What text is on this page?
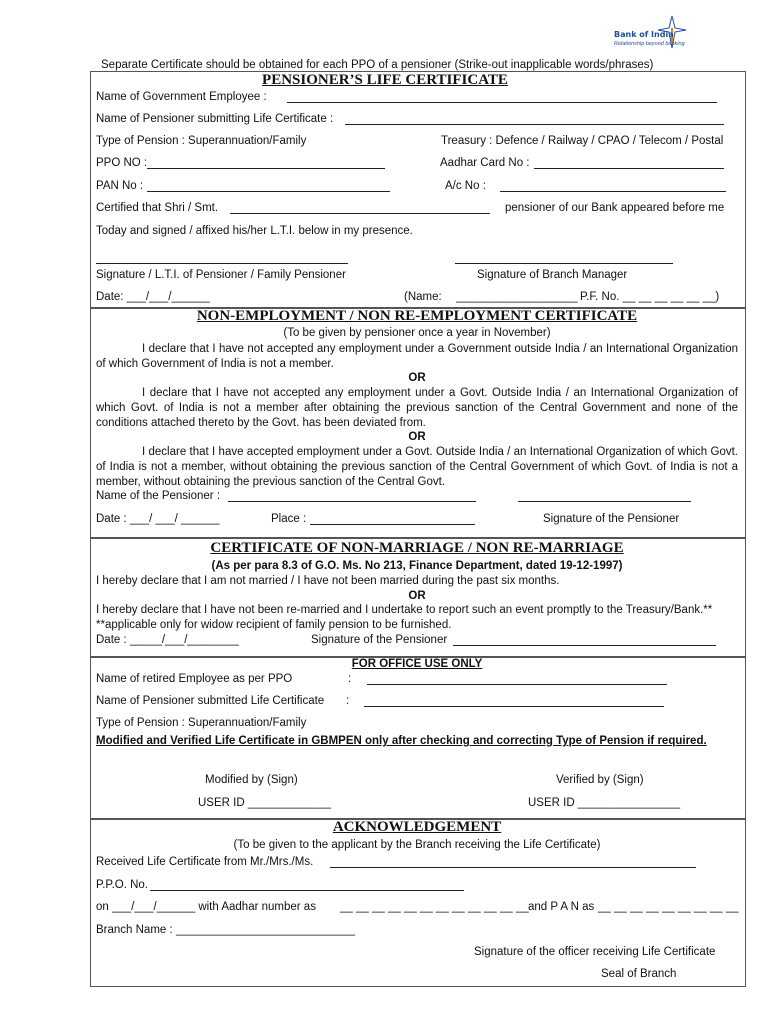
Bank of India
Relationship beyond banking
Separate Certificate should be obtained for each PPO of a pensioner (Strike-out inapplicable words/phrases)
PENSIONER’S LIFE CERTIFICATE
Name of Government Employee :
Name of Pensioner submitting Life Certificate :
Type of Pension : Superannuation/Family	Treasury : Defence / Railway / CPAO / Telecom / Postal
PPO NO :	Aadhar Card No :
PAN No :	A/c No :
Certified that Shri / Smt.	pensioner of our Bank appeared before me
Today and signed / affixed his/her L.T.I. below in my presence.
Signature / L.T.I. of Pensioner / Family Pensioner	Signature of Branch Manager
Date: ___/___/______	(Name: ___________________ P.F. No. __ __ __ __ __ __)
NON-EMPLOYMENT / NON RE-EMPLOYMENT CERTIFICATE
(To be given by pensioner once a year in November)
I declare that I have not accepted any employment under a Government outside India / an International Organization of which Government of India is not a member.
OR
I declare that I have not accepted any employment under a Govt. Outside India / an International Organization of which Govt. of India is not a member after obtaining the previous sanction of the Central Government and none of the conditions attached thereto by the Govt. has been deviated from.
OR
I declare that I have accepted employment under a Govt. Outside India / an International Organization of which Govt. of India is not a member, without obtaining the previous sanction of the Central Government of which Govt. of India is not a member, without obtaining the previous sanction of the Central Govt.
Name of the Pensioner :
Date : ___/ ___/ ______	Place :	Signature of the Pensioner
CERTIFICATE OF NON-MARRIAGE / NON RE-MARRIAGE
(As per para 8.3 of G.O. Ms. No 213, Finance Department, dated 19-12-1997)
I hereby declare that I am not married / I have not been married during the past six months.
OR
I hereby declare that I have not been re-married and I undertake to report such an event promptly to the Treasury/Bank.**
**applicable only for widow recipient of family pension to be furnished.
Date : _____/___/________	Signature of the Pensioner
FOR OFFICE USE ONLY
Name of retired Employee as per PPO	:
Name of Pensioner submitted Life Certificate :
Type of Pension : Superannuation/Family
Modified and Verified Life Certificate in GBMPEN only after checking and correcting Type of Pension if required.
Modified by (Sign)	Verified by (Sign)
USER ID _____________	USER ID ________________
ACKNOWLEDGEMENT
(To be given to the applicant by the Branch receiving the Life Certificate)
Received Life Certificate from Mr./Mrs./Ms.
P.P.O. No.
on ___/___/______ with Aadhar number as __ __ __ __ __ __ __ __ __ __ __ __ and P A N as __ __ __ __ __ __ __ __ __
Branch Name : ____________________________
Signature of the officer receiving Life Certificate
Seal of Branch
